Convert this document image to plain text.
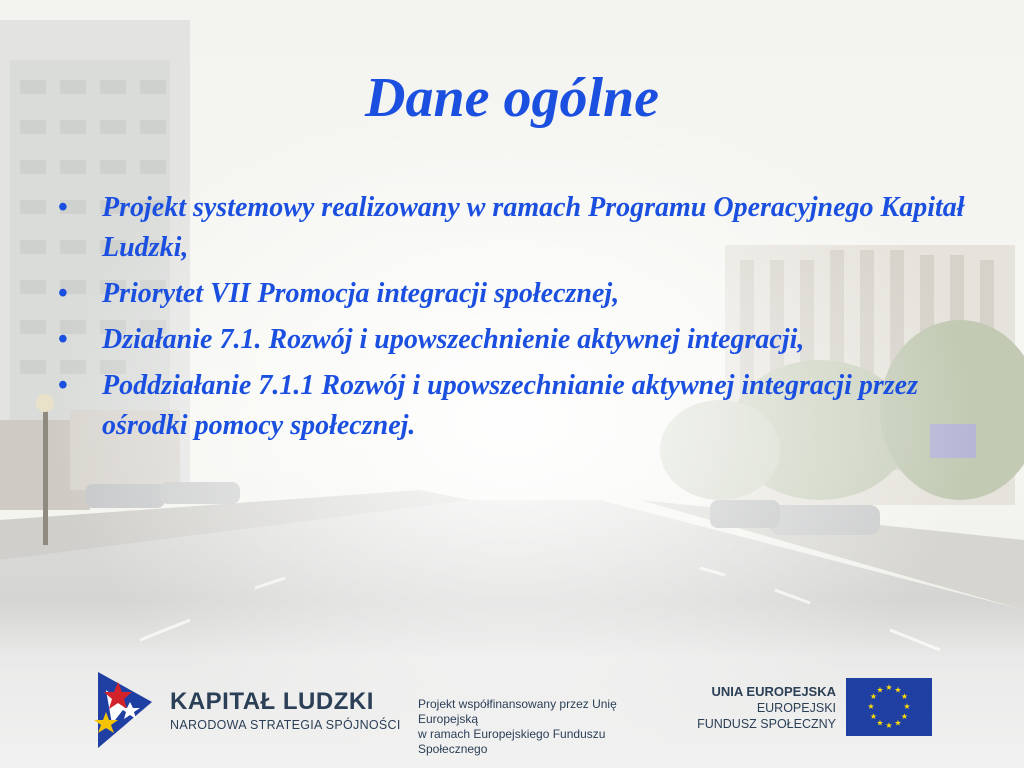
Dane ogólne
• Projekt systemowy realizowany w ramach Programu Operacyjnego Kapitał Ludzki,
• Priorytet VII Promocja integracji społecznej,
• Działanie 7.1. Rozwój i upowszechnienie aktywnej integracji,
• Poddziałanie 7.1.1 Rozwój i upowszechnianie aktywnej integracji przez ośrodki pomocy społecznej.
KAPITAŁ LUDZKI
NARODOWA STRATEGIA SPÓJNOŚCI
Projekt współfinansowany przez Unię Europejską
w ramach Europejskiego Funduszu Społecznego
UNIA EUROPEJSKA
EUROPEJSKI
FUNDUSZ SPOŁECZNY
★ ★
★
★
★
★
★
★
★
★
★
★
